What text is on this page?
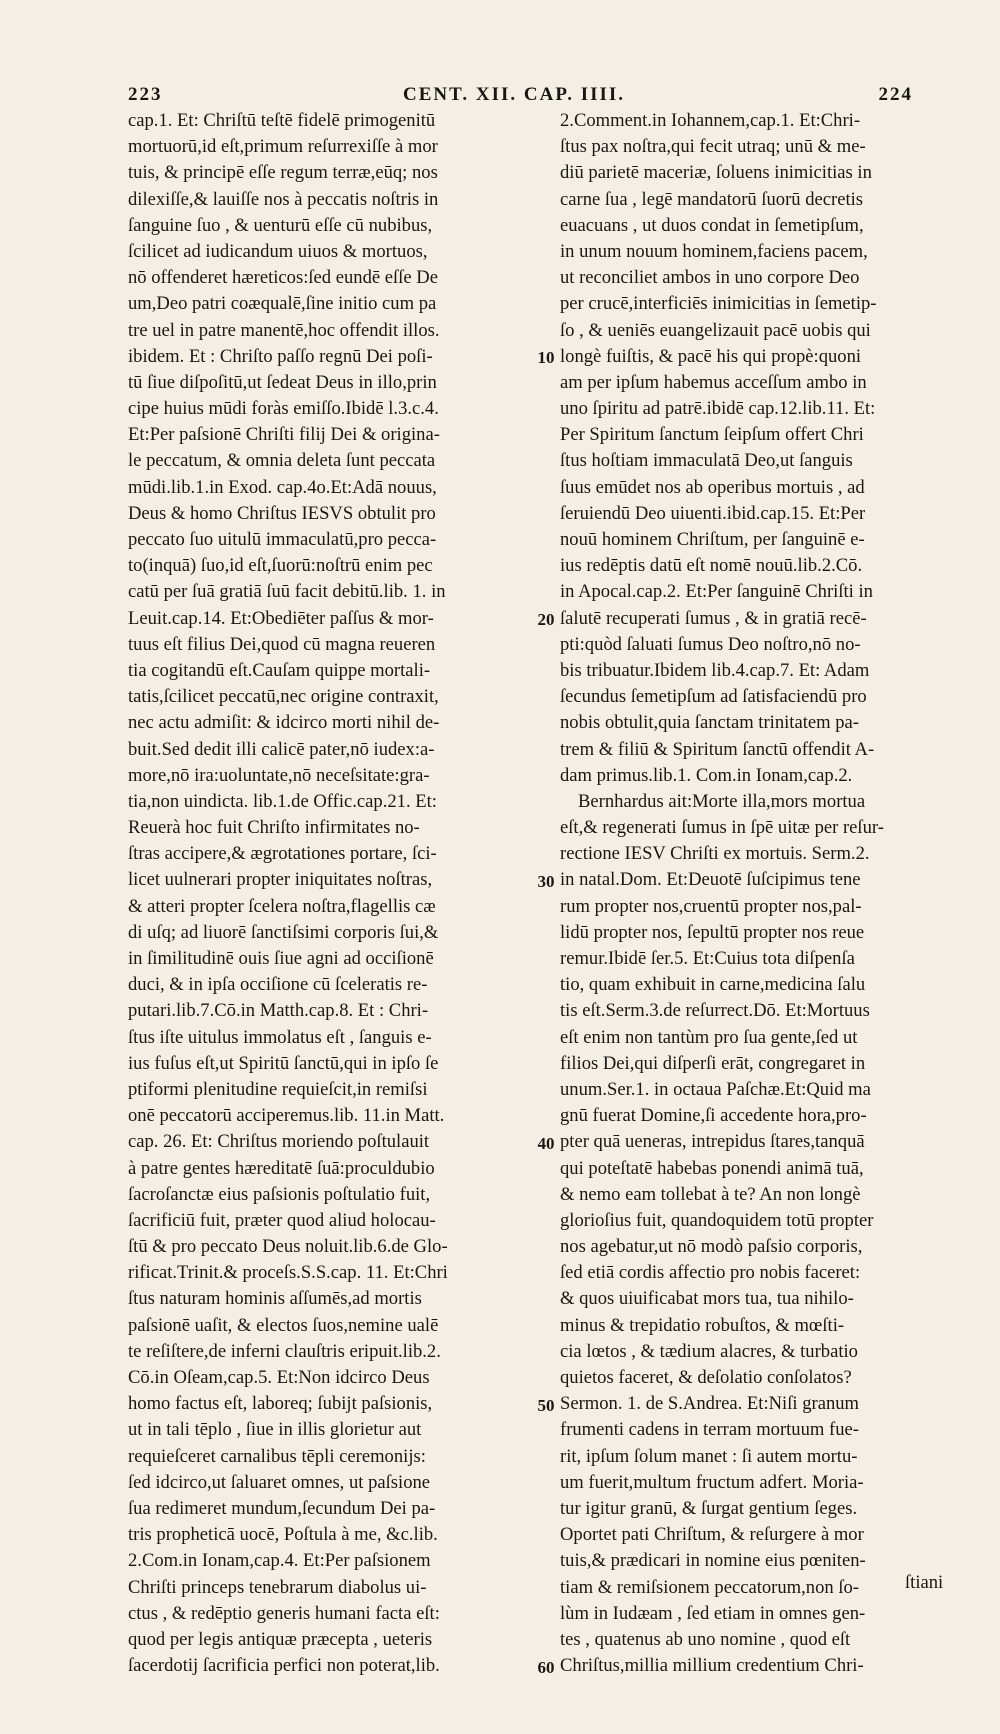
223	CENT. XII. CAP. IIII.	224
cap.1. Et: Chriſtū teſtē fidelē primogenitū
mortuorū,id eſt,primum reſurrexiſſe à mor
tuis, & principē eſſe regum terræ,eūq; nos
dilexiſſe,& lauiſſe nos à peccatis noſtris in
ſanguine ſuo , & uenturū eſſe cū nubibus,
ſcilicet ad iudicandum uiuos & mortuos,
nō offenderet hæreticos:ſed eundē eſſe De
um,Deo patri coæqualē,ſine initio cum pa
tre uel in patre manentē,hoc offendit illos.
ibidem. Et : Chriſto paſſo regnū Dei poſi-
tū ſiue diſpoſitū,ut ſedeat Deus in illo,prin
cipe huius mūdi foràs emiſſo.Ibidē l.3.c.4.
Et:Per paſsionē Chriſti filij Dei & origina-
le peccatum, & omnia deleta ſunt peccata
mūdi.lib.1.in Exod. cap.4o.Et:Adā nouus,
Deus & homo Chriſtus IESVS obtulit pro
peccato ſuo uitulū immaculatū,pro pecca-
to(inquā) ſuo,id eſt,ſuorū:noſtrū enim pec
catū per ſuā gratiā ſuū facit debitū.lib. 1. in
Leuit.cap.14. Et:Obediēter paſſus & mor-
tuus eſt filius Dei,quod cū magna reueren
tia cogitandū eſt.Cauſam quippe mortali-
tatis,ſcilicet peccatū,nec origine contraxit,
nec actu admiſit: & idcirco morti nihil de-
buit.Sed dedit illi calicē pater,nō iudex:a-
more,nō ira:uoluntate,nō neceſsitate:gra-
tia,non uindicta. lib.1.de Offic.cap.21. Et:
Reuerà hoc fuit Chriſto infirmitates no-
ſtras accipere,& ægrotationes portare, ſci-
licet uulnerari propter iniquitates noſtras,
& atteri propter ſcelera noſtra,flagellis cæ
di uſq; ad liuorē ſanctiſsimi corporis ſui,&
in ſimilitudinē ouis ſiue agni ad occiſionē
duci, & in ipſa occiſione cū ſceleratis re-
putari.lib.7.Cō.in Matth.cap.8. Et : Chri-
ſtus iſte uitulus immolatus eſt , ſanguis e-
ius fuſus eſt,ut Spiritū ſanctū,qui in ipſo ſe
ptiformi plenitudine requieſcit,in remiſsi
onē peccatorū acciperemus.lib. 11.in Matt.
cap. 26. Et: Chriſtus moriendo poſtulauit
à patre gentes hæreditatē ſuā:proculdubio
ſacroſanctæ eius paſsionis poſtulatio fuit,
ſacrificiū fuit, præter quod aliud holocau-
ſtū & pro peccato Deus noluit.lib.6.de Glo-
rificat.Trinit.& proceſs.S.S.cap. 11. Et:Chri
ſtus naturam hominis aſſumēs,ad mortis
paſsionē uaſit, & electos ſuos,nemine ualē
te reſiſtere,de inferni clauſtris eripuit.lib.2.
Cō.in Oſeam,cap.5. Et:Non idcirco Deus
homo factus eſt, laboreq; ſubijt paſsionis,
ut in tali tēplo , ſiue in illis glorietur aut
requieſceret carnalibus tēpli ceremonijs:
ſed idcirco,ut ſaluaret omnes, ut paſsione
ſua redimeret mundum,ſecundum Dei pa-
tris propheticā uocē, Poſtula à me, &c.lib.
2.Com.in Ionam,cap.4. Et:Per paſsionem
Chriſti princeps tenebrarum diabolus ui-
ctus , & redēptio generis humani facta eſt:
quod per legis antiquæ præcepta , ueteris
ſacerdotij ſacrificia perfici non poterat,lib.
2.Comment.in Iohannem,cap.1. Et:Chri-
ſtus pax noſtra,qui fecit utraq; unū & me-
diū parietē maceriæ, ſoluens inimicitias in
carne ſua , legē mandatorū ſuorū decretis
euacuans , ut duos condat in ſemetipſum,
in unum nouum hominem,faciens pacem,
ut reconciliet ambos in uno corpore Deo
per crucē,interficiēs inimicitias in ſemetip-
ſo , & ueniēs euangelizauit pacē uobis qui
longè fuiſtis, & pacē his qui propè:quoni
am per ipſum habemus acceſſum ambo in
uno ſpiritu ad patrē.ibidē cap.12.lib.11. Et:
Per Spiritum ſanctum ſeipſum offert Chri
ſtus hoſtiam immaculatā Deo,ut ſanguis
ſuus emūdet nos ab operibus mortuis , ad
ſeruiendū Deo uiuenti.ibid.cap.15. Et:Per
nouū hominem Chriſtum, per ſanguinē e-
ius redēptis datū eſt nomē nouū.lib.2.Cō.
in Apocal.cap.2. Et:Per ſanguinē Chriſti in
ſalutē recuperati ſumus , & in gratiā recē-
pti:quòd ſaluati ſumus Deo noſtro,nō no-
bis tribuatur.Ibidem lib.4.cap.7. Et: Adam
ſecundus ſemetipſum ad ſatisfaciendū pro
nobis obtulit,quia ſanctam trinitatem pa-
trem & filiū & Spiritum ſanctū offendit A-
dam primus.lib.1. Com.in Ionam,cap.2.
Bernhardus ait:Morte illa,mors mortua
eſt,& regenerati ſumus in ſpē uitæ per reſur-
rectione IESV Chriſti ex mortuis. Serm.2.
in natal.Dom. Et:Deuotē ſuſcipimus tene
rum propter nos,cruentū propter nos,pal-
lidū propter nos, ſepultū propter nos reue
remur.Ibidē ſer.5. Et:Cuius tota diſpenſa
tio, quam exhibuit in carne,medicina ſalu
tis eſt.Serm.3.de reſurrect.Dō. Et:Mortuus
eſt enim non tantùm pro ſua gente,ſed ut
filios Dei,qui diſperſi erāt, congregaret in
unum.Ser.1. in octaua Paſchæ.Et:Quid ma
gnū fuerat Domine,ſi accedente hora,pro-
pter quā ueneras, intrepidus ſtares,tanquā
qui poteſtatē habebas ponendi animā tuā,
& nemo eam tollebat à te? An non longè
glorioſius fuit, quandoquidem totū propter
nos agebatur,ut nō modò paſsio corporis,
ſed etiā cordis affectio pro nobis faceret:
& quos uiuificabat mors tua, tua nihilo-
minus & trepidatio robuſtos, & mœſti-
cia lœtos , & tædium alacres, & turbatio
quietos faceret, & deſolatio conſolatos?
Sermon. 1. de S.Andrea. Et:Niſi granum
frumenti cadens in terram mortuum fue-
rit, ipſum ſolum manet : ſi autem mortu-
um fuerit,multum fructum adfert. Moria-
tur igitur granū, & ſurgat gentium ſeges.
Oportet pati Chriſtum, & reſurgere à mor
tuis,& prædicari in nomine eius pœniten-
tiam & remiſsionem peccatorum,non ſo-
lùm in Iudæam , ſed etiam in omnes gen-
tes , quatenus ab uno nomine , quod eſt
Chriſtus,millia millium credentium Chri-
10
20
30
40
50
60
ſtiani
